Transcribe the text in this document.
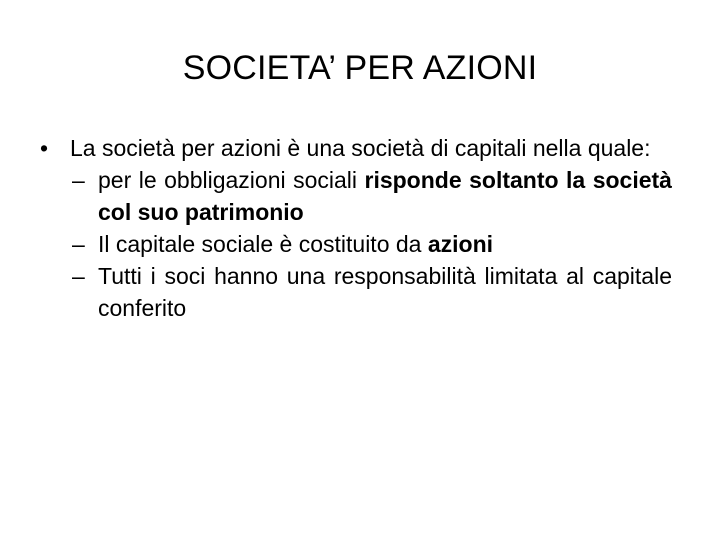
SOCIETA’ PER AZIONI

• La società per azioni è una società di capitali nella quale:

– per le obbligazioni sociali risponde soltanto la società col suo patrimonio

– Il capitale sociale è costituito da azioni

– Tutti i soci hanno una responsabilità limitata al capitale conferito
